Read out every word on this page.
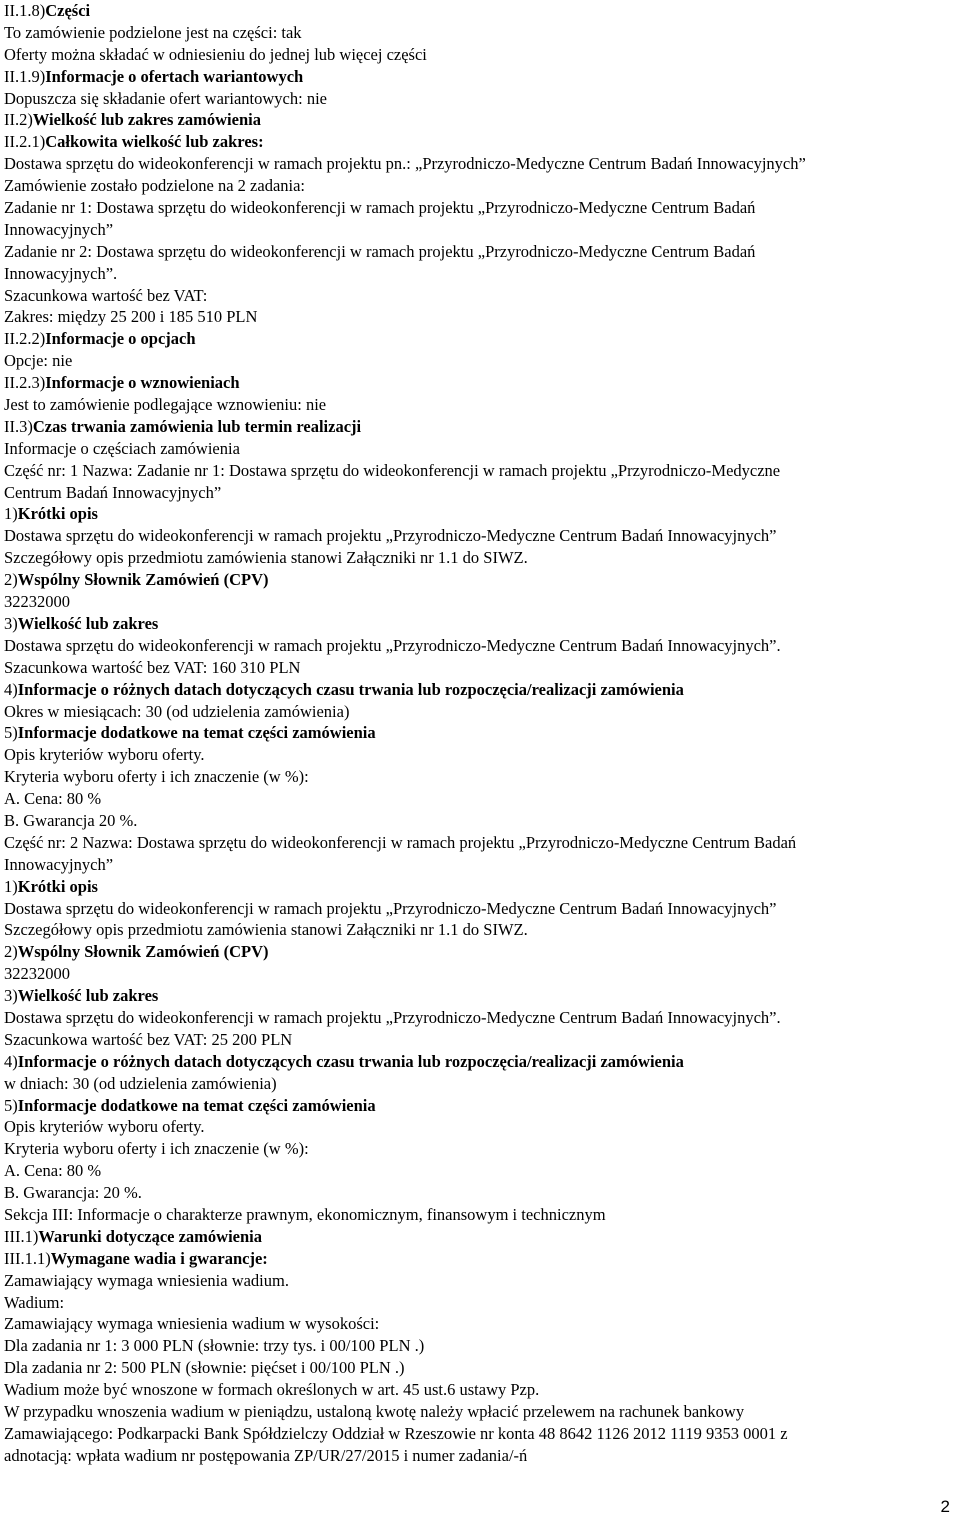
II.1.8)Części
To zamówienie podzielone jest na części: tak
Oferty można składać w odniesieniu do jednej lub więcej części
II.1.9)Informacje o ofertach wariantowych
Dopuszcza się składanie ofert wariantowych: nie
II.2)Wielkość lub zakres zamówienia
II.2.1)Całkowita wielkość lub zakres:
Dostawa sprzętu do wideokonferencji w ramach projektu pn.: „Przyrodniczo-Medyczne Centrum Badań Innowacyjnych”
Zamówienie zostało podzielone na 2 zadania:
Zadanie nr 1: Dostawa sprzętu do wideokonferencji w ramach projektu „Przyrodniczo-Medyczne Centrum Badań
Innowacyjnych”
Zadanie nr 2: Dostawa sprzętu do wideokonferencji w ramach projektu „Przyrodniczo-Medyczne Centrum Badań
Innowacyjnych”.
Szacunkowa wartość bez VAT:
Zakres: między 25 200 i 185 510 PLN
II.2.2)Informacje o opcjach
Opcje: nie
II.2.3)Informacje o wznowieniach
Jest to zamówienie podlegające wznowieniu: nie
II.3)Czas trwania zamówienia lub termin realizacji
Informacje o częściach zamówienia
Część nr: 1 Nazwa: Zadanie nr 1: Dostawa sprzętu do wideokonferencji w ramach projektu „Przyrodniczo-Medyczne
Centrum Badań Innowacyjnych”
1)Krótki opis
Dostawa sprzętu do wideokonferencji w ramach projektu „Przyrodniczo-Medyczne Centrum Badań Innowacyjnych”
Szczegółowy opis przedmiotu zamówienia stanowi Załączniki nr 1.1 do SIWZ.
2)Wspólny Słownik Zamówień (CPV)
32232000
3)Wielkość lub zakres
Dostawa sprzętu do wideokonferencji w ramach projektu „Przyrodniczo-Medyczne Centrum Badań Innowacyjnych”.
Szacunkowa wartość bez VAT: 160 310 PLN
4)Informacje o różnych datach dotyczących czasu trwania lub rozpoczęcia/realizacji zamówienia
Okres w miesiącach: 30 (od udzielenia zamówienia)
5)Informacje dodatkowe na temat części zamówienia
Opis kryteriów wyboru oferty.
Kryteria wyboru oferty i ich znaczenie (w %):
A. Cena: 80 %
B. Gwarancja 20 %.
Część nr: 2 Nazwa: Dostawa sprzętu do wideokonferencji w ramach projektu „Przyrodniczo-Medyczne Centrum Badań
Innowacyjnych”
1)Krótki opis
Dostawa sprzętu do wideokonferencji w ramach projektu „Przyrodniczo-Medyczne Centrum Badań Innowacyjnych”
Szczegółowy opis przedmiotu zamówienia stanowi Załączniki nr 1.1 do SIWZ.
2)Wspólny Słownik Zamówień (CPV)
32232000
3)Wielkość lub zakres
Dostawa sprzętu do wideokonferencji w ramach projektu „Przyrodniczo-Medyczne Centrum Badań Innowacyjnych”.
Szacunkowa wartość bez VAT: 25 200 PLN
4)Informacje o różnych datach dotyczących czasu trwania lub rozpoczęcia/realizacji zamówienia
w dniach: 30 (od udzielenia zamówienia)
5)Informacje dodatkowe na temat części zamówienia
Opis kryteriów wyboru oferty.
Kryteria wyboru oferty i ich znaczenie (w %):
A. Cena: 80 %
B. Gwarancja: 20 %.
Sekcja III: Informacje o charakterze prawnym, ekonomicznym, finansowym i technicznym
III.1)Warunki dotyczące zamówienia
III.1.1)Wymagane wadia i gwarancje:
Zamawiający wymaga wniesienia wadium.
Wadium:
Zamawiający wymaga wniesienia wadium w wysokości:
Dla zadania nr 1: 3 000 PLN (słownie: trzy tys. i 00/100 PLN .)
Dla zadania nr 2: 500 PLN (słownie: pięćset i 00/100 PLN .)
Wadium może być wnoszone w formach określonych w art. 45 ust.6 ustawy Pzp.
W przypadku wnoszenia wadium w pieniądzu, ustaloną kwotę należy wpłacić przelewem na rachunek bankowy
Zamawiającego: Podkarpacki Bank Spółdzielczy Oddział w Rzeszowie nr konta 48 8642 1126 2012 1119 9353 0001 z
adnotacją: wpłata wadium nr postępowania ZP/UR/27/2015 i numer zadania/-ń
2
